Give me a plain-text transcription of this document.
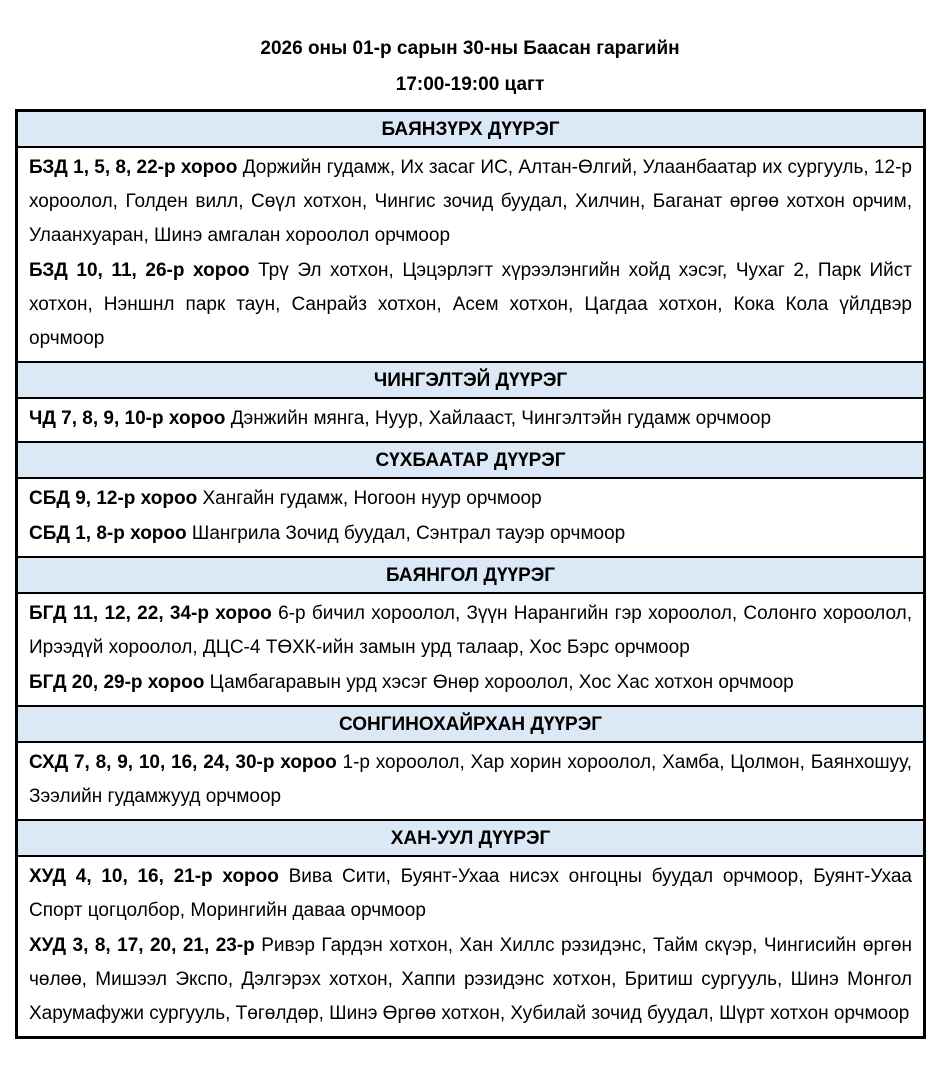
2026 оны 01-р сарын 30-ны Баасан гарагийн

17:00-19:00 цагт

БАЯНЗҮРХ ДҮҮРЭГ

БЗД 1, 5, 8, 22-р хороо Доржийн гудамж, Их засаг ИС, Алтан-Өлгий, Улаанбаатар их сургууль, 12-р хороолол, Голден вилл, Сөүл хотхон, Чингис зочид буудал, Хилчин, Баганат өргөө хотхон орчим, Улаанхуаран, Шинэ амгалан хороолол орчмоор

БЗД 10, 11, 26-р хороо Трү Эл хотхон, Цэцэрлэгт хүрээлэнгийн хойд хэсэг, Чухаг 2, Парк Ийст хотхон, Нэншнл парк таун, Санрайз хотхон, Асем хотхон, Цагдаа хотхон, Кока Кола үйлдвэр орчмоор

ЧИНГЭЛТЭЙ ДҮҮРЭГ

ЧД 7, 8, 9, 10-р хороо Дэнжийн мянга, Нуур, Хайлааст, Чингэлтэйн гудамж орчмоор

СҮХБААТАР ДҮҮРЭГ

СБД 9, 12-р хороо Хангайн гудамж, Ногоон нуур орчмоор

СБД 1, 8-р хороо Шангрила Зочид буудал, Сэнтрал тауэр орчмоор

БАЯНГОЛ ДҮҮРЭГ

БГД 11, 12, 22, 34-р хороо 6-р бичил хороолол, Зүүн Нарангийн гэр хороолол, Солонго хороолол, Ирээдүй хороолол, ДЦС-4 ТӨХК-ийн замын урд талаар, Хос Бэрс орчмоор

БГД 20, 29-р хороо Цамбагаравын урд хэсэг Өнөр хороолол, Хос Хас хотхон орчмоор

СОНГИНОХАЙРХАН ДҮҮРЭГ

СХД 7, 8, 9, 10, 16, 24, 30-р хороо 1-р хороолол, Хар хорин хороолол, Хамба, Цолмон, Баянхошуу, Зээлийн гудамжууд орчмоор

ХАН-УУЛ ДҮҮРЭГ

ХУД 4, 10, 16, 21-р хороо Вива Сити, Буянт-Ухаа нисэх онгоцны буудал орчмоор, Буянт-Ухаа Спорт цогцолбор, Морингийн даваа орчмоор

ХУД 3, 8, 17, 20, 21, 23-р Ривэр Гардэн хотхон, Хан Хиллс рэзидэнс, Тайм скүэр, Чингисийн өргөн чөлөө, Мишээл Экспо, Дэлгэрэх хотхон, Хаппи рэзидэнс хотхон, Бритиш сургууль, Шинэ Монгол Харумафужи сургууль, Төгөлдөр, Шинэ Өргөө хотхон, Хубилай зочид буудал, Шүрт хотхон орчмоор
